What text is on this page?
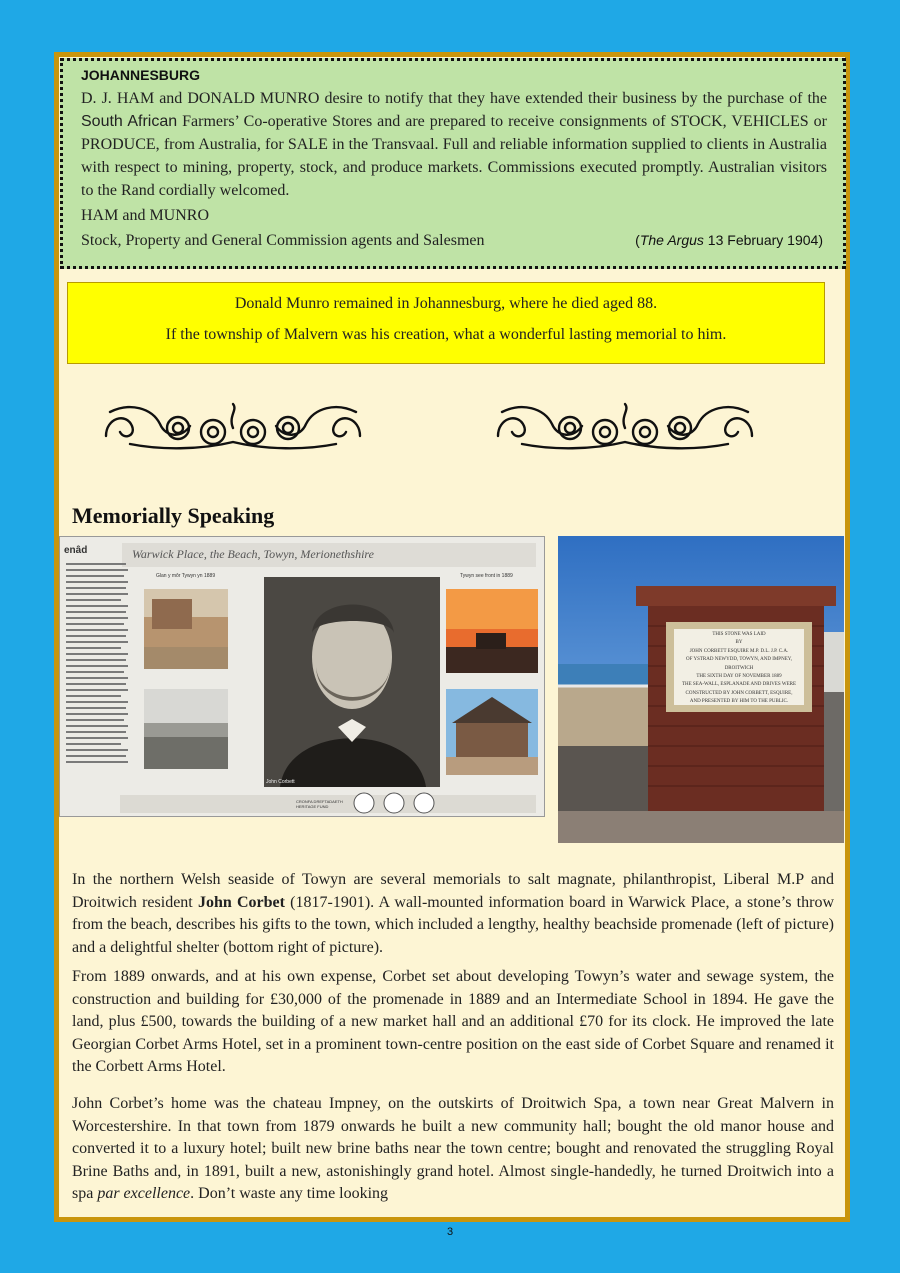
JOHANNESBURG

D. J. HAM and DONALD MUNRO desire to notify that they have extended their business by the purchase of the South African Farmers’ Co-operative Stores and are prepared to receive consignments of STOCK, VEHICLES or PRODUCE, from Australia, for SALE in the Transvaal. Full and reliable information supplied to clients in Australia with respect to mining, property, stock, and produce markets. Commissions executed promptly. Australian visitors to the Rand cordially welcomed.

HAM and MUNRO

Stock, Property and General Commission agents and Salesmen	(The Argus 13 February 1904)

Donald Munro remained in Johannesburg, where he died aged 88.

If the township of Malvern was his creation, what a wonderful lasting memorial to him.

Memorially Speaking
Warwick Place, the Beach, Towyn, Merionethshire
enâd
Glan y môr Tywyn yn 1889	Tywyn see front in 1889
John Corbett
CRONFA DREFTADAETH HERITAGE FUND
THIS STONE WAS LAID
BY
JOHN CORBETT ESQUIRE M.P. D.L. J.P. C.A.
OF YSTRAD NEWYDD, TOWYN, AND IMPNEY, DROITWICH
THE SIXTH DAY OF NOVEMBER 1889
THE SEA-WALL, ESPLANADE AND DRIVES WERE
CONSTRUCTED BY JOHN CORBETT, ESQUIRE,
AND PRESENTED BY HIM TO THE PUBLIC.

In the northern Welsh seaside of Towyn are several memorials to salt magnate, philanthropist, Liberal M.P and Droitwich resident John Corbet (1817-1901). A wall-mounted information board in Warwick Place, a stone’s throw from the beach, describes his gifts to the town, which included a lengthy, healthy beachside promenade (left of picture) and a delightful shelter (bottom right of picture).

From 1889 onwards, and at his own expense, Corbet set about developing Towyn’s water and sewage system, the construction and building for £30,000 of the promenade in 1889 and an Intermediate School in 1894. He gave the land, plus £500, towards the building of a new market hall and an additional £70 for its clock. He improved the late Georgian Corbet Arms Hotel, set in a prominent town-centre position on the east side of Corbet Square and renamed it the Corbett Arms Hotel.

John Corbet’s home was the chateau Impney, on the outskirts of Droitwich Spa, a town near Great Malvern in Worcestershire. In that town from 1879 onwards he built a new community hall; bought the old manor house and converted it to a luxury hotel; built new brine baths near the town centre; bought and renovated the struggling Royal Brine Baths and, in 1891, built a new, astonishingly grand hotel. Almost single-handedly, he turned Droitwich into a spa par excellence. Don’t waste any time looking

3
